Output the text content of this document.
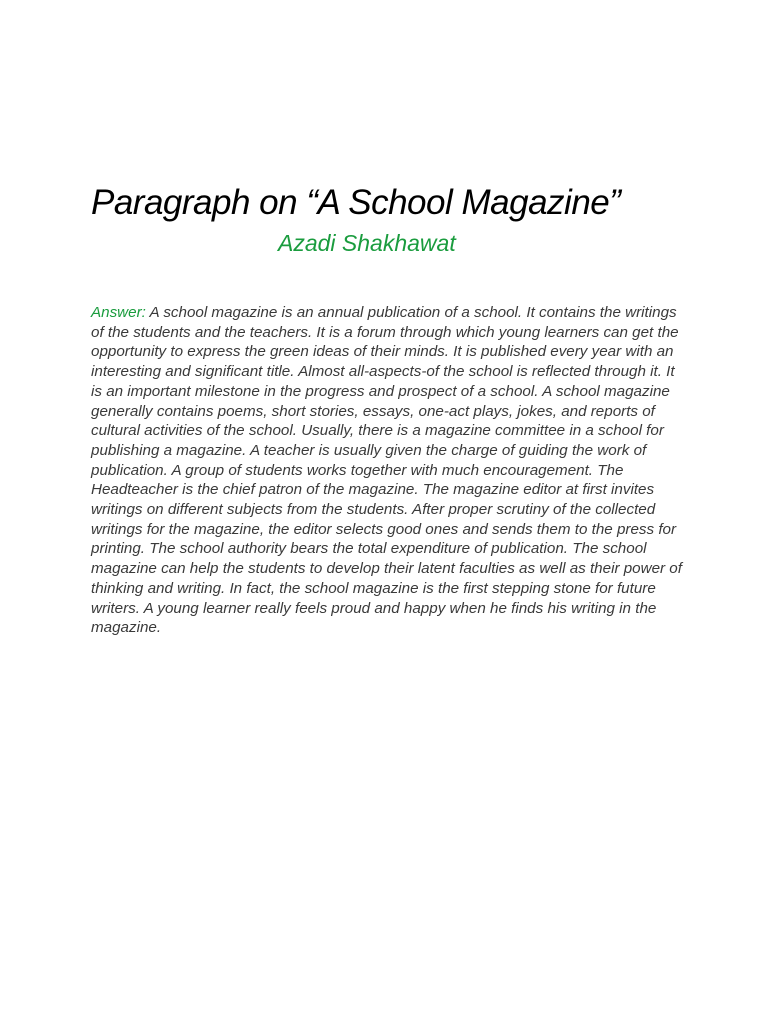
Paragraph on “A School Magazine”
Azadi Shakhawat

Answer: A school magazine is an annual publication of a school. It contains the writings of the students and the teachers. It is a forum through which young learners can get the opportunity to express the green ideas of their minds. It is published every year with an interesting and significant title. Almost all-aspects-of the school is reflected through it. It is an important milestone in the progress and prospect of a school. A school magazine generally contains poems, short stories, essays, one-act plays, jokes, and reports of cultural activities of the school. Usually, there is a magazine committee in a school for publishing a magazine. A teacher is usually given the charge of guiding the work of publication. A group of students works together with much encouragement. The Headteacher is the chief patron of the magazine. The magazine editor at first invites writings on different subjects from the students. After proper scrutiny of the collected writings for the magazine, the editor selects good ones and sends them to the press for printing. The school authority bears the total expenditure of publication. The school magazine can help the students to develop their latent faculties as well as their power of thinking and writing. In fact, the school magazine is the first stepping stone for future writers. A young learner really feels proud and happy when he finds his writing in the magazine.
